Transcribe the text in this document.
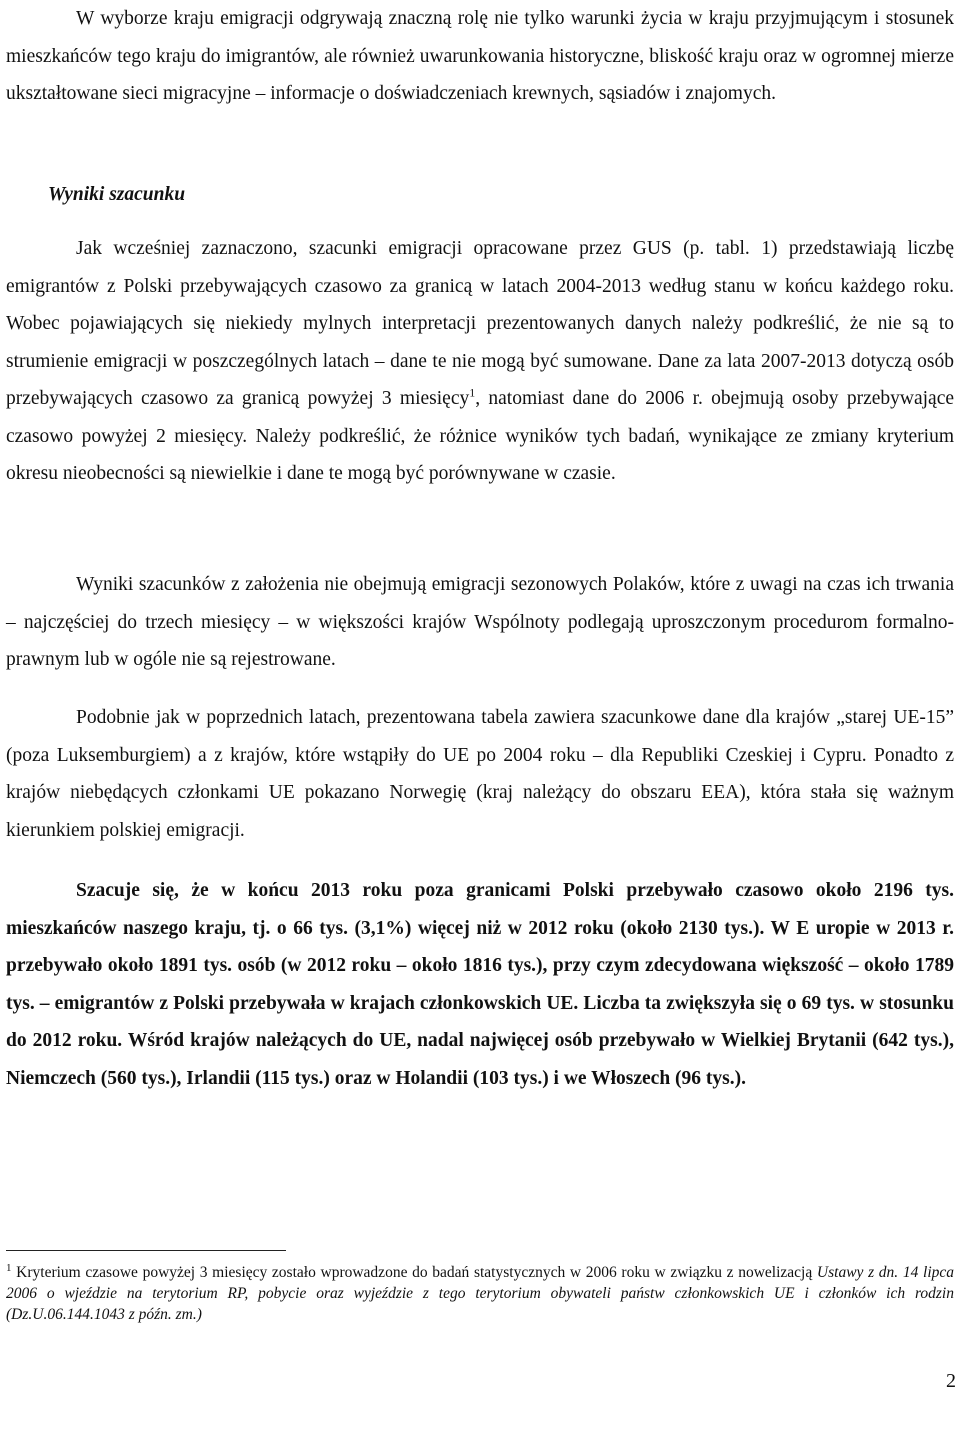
W wyborze kraju emigracji odgrywają znaczną rolę nie tylko warunki życia w kraju przyjmującym i stosunek mieszkańców tego kraju do imigrantów, ale również uwarunkowania historyczne, bliskość kraju oraz w ogromnej mierze ukształtowane sieci migracyjne – informacje o doświadczeniach krewnych, sąsiadów i znajomych.

Wyniki szacunku

Jak wcześniej zaznaczono, szacunki emigracji opracowane przez GUS (p. tabl. 1) przedstawiają liczbę emigrantów z Polski przebywających czasowo za granicą w latach 2004-2013 według stanu w końcu każdego roku. Wobec pojawiających się niekiedy mylnych interpretacji prezentowanych danych należy podkreślić, że nie są to strumienie emigracji w poszczególnych latach – dane te nie mogą być sumowane. Dane za lata 2007-2013 dotyczą osób przebywających czasowo za granicą powyżej 3 miesięcy$^1$, natomiast dane do 2006 r. obejmują osoby przebywające czasowo powyżej 2 miesięcy. Należy podkreślić, że różnice wyników tych badań, wynikające ze zmiany kryterium okresu nieobecności są niewielkie i dane te mogą być porównywane w czasie.

Wyniki szacunków z założenia nie obejmują emigracji sezonowych Polaków, które z uwagi na czas ich trwania – najczęściej do trzech miesięcy – w większości krajów Wspólnoty podlegają uproszczonym procedurom formalno-prawnym lub w ogóle nie są rejestrowane.

Podobnie jak w poprzednich latach, prezentowana tabela zawiera szacunkowe dane dla krajów „starej UE-15” (poza Luksemburgiem) a z krajów, które wstąpiły do UE po 2004 roku – dla Republiki Czeskiej i Cypru. Ponadto z krajów niebędących członkami UE pokazano Norwegię (kraj należący do obszaru EEA), która stała się ważnym kierunkiem polskiej emigracji.

Szacuje się, że w końcu 2013 roku poza granicami Polski przebywało czasowo około 2196 tys. mieszkańców naszego kraju, tj. o 66 tys. (3,1%) więcej niż w 2012 roku (około 2130 tys.). W E uropie w 2013 r. przebywało około 1891 tys. osób (w 2012 roku – około 1816 tys.), przy czym zdecydowana większość – około 1789 tys. – emigrantów z Polski przebywała w krajach członkowskich UE. Liczba ta zwiększyła się o 69 tys. w stosunku do 2012 roku. Wśród krajów należących do UE, nadal najwięcej osób przebywało w Wielkiej Brytanii (642 tys.), Niemczech (560 tys.), Irlandii (115 tys.) oraz w Holandii (103 tys.) i we Włoszech (96 tys.).

$^1$ Kryterium czasowe powyżej 3 miesięcy zostało wprowadzone do badań statystycznych w 2006 roku w związku z nowelizacją Ustawy z dn. 14 lipca 2006 o wjeździe na terytorium RP, pobycie oraz wyjeździe z tego terytorium obywateli państw członkowskich UE i członków ich rodzin (Dz.U.06.144.1043 z późn. zm.)
2
